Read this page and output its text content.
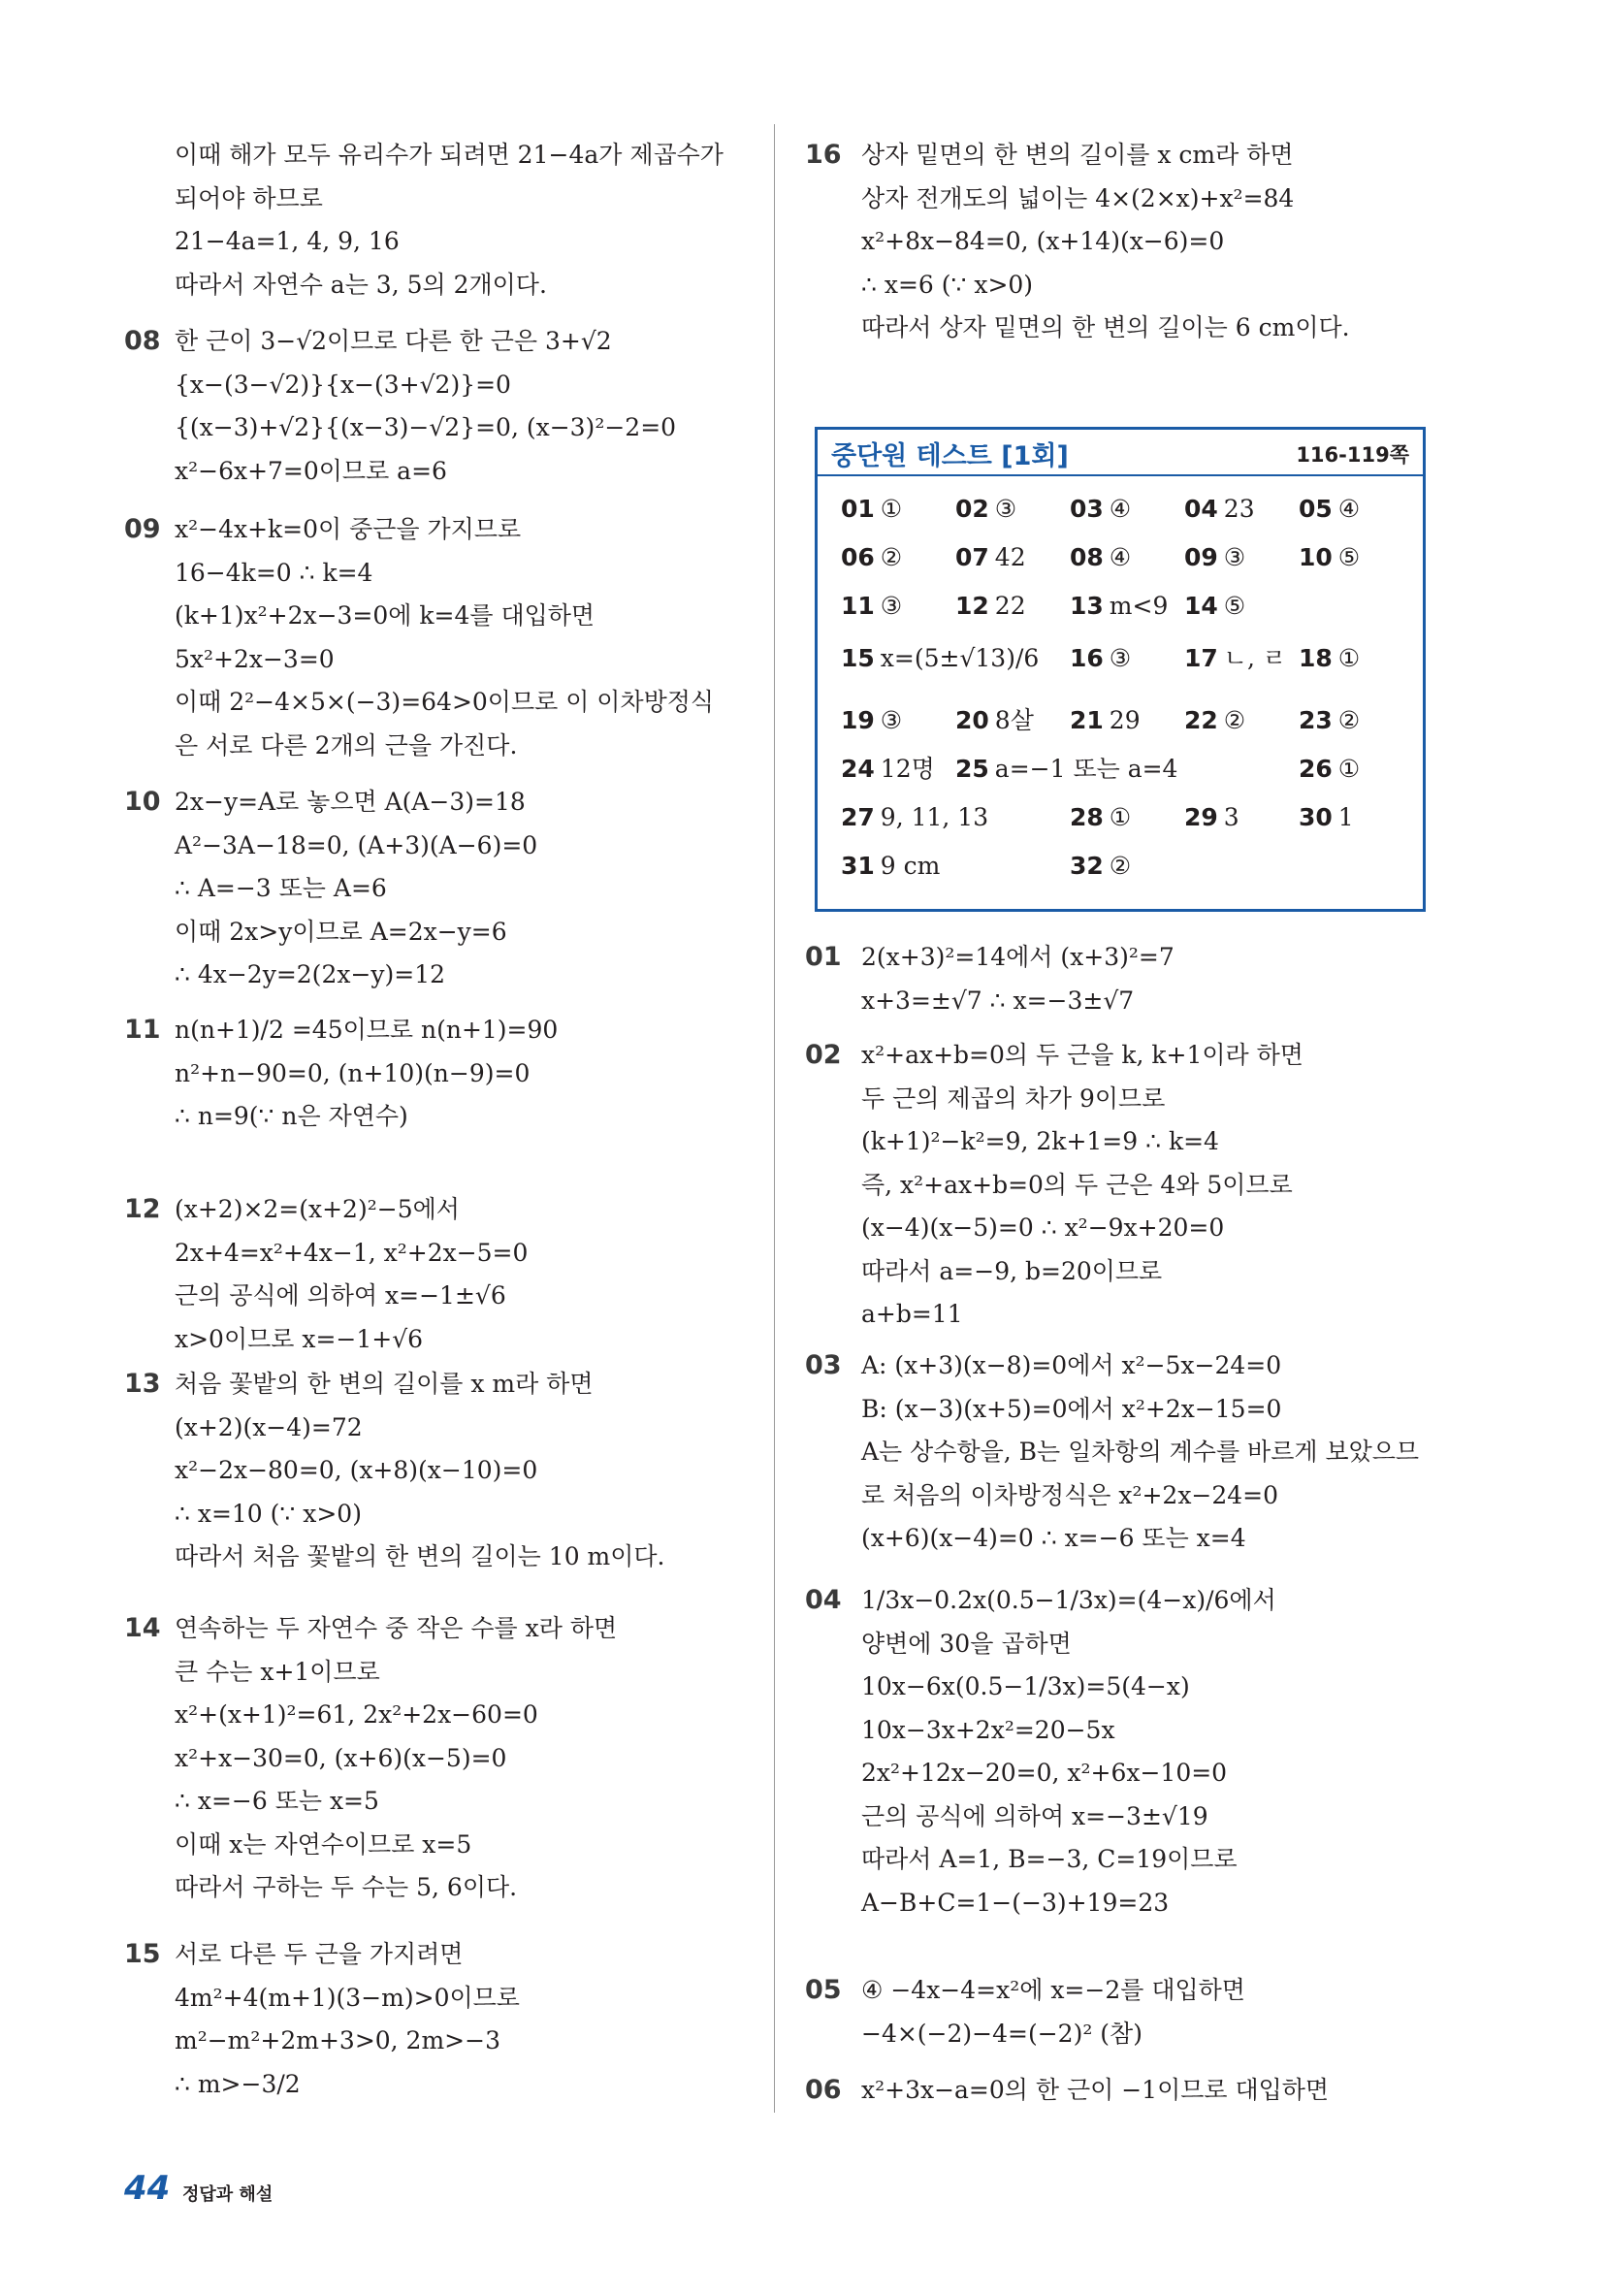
이때 해가 모두 유리수가 되려면 21−4a가 제곱수가
되어야 하므로
21−4a=1, 4, 9, 16
따라서 자연수 a는 3, 5의 2개이다.
08 한 근이 3−√2이므로 다른 한 근은 3+√2
{x−(3−√2)}{x−(3+√2)}=0
{(x−3)+√2}{(x−3)−√2}=0, (x−3)²−2=0
x²−6x+7=0이므로 a=6
09 x²−4x+k=0이 중근을 가지므로
16−4k=0 ∴ k=4
(k+1)x²+2x−3=0에 k=4를 대입하면
5x²+2x−3=0
이때 2²−4×5×(−3)=64>0이므로 이 이차방정식
은 서로 다른 2개의 근을 가진다.
10 2x−y=A로 놓으면 A(A−3)=18
A²−3A−18=0, (A+3)(A−6)=0
∴ A=−3 또는 A=6
이때 2x>y이므로 A=2x−y=6
∴ 4x−2y=2(2x−y)=12
11 n(n+1)/2 =45이므로 n(n+1)=90
n²+n−90=0, (n+10)(n−9)=0
∴ n=9(∵ n은 자연수)
12 (x+2)×2=(x+2)²−5에서
2x+4=x²+4x−1, x²+2x−5=0
근의 공식에 의하여 x=−1±√6
x>0이므로 x=−1+√6
13 처음 꽃밭의 한 변의 길이를 x m라 하면
(x+2)(x−4)=72
x²−2x−80=0, (x+8)(x−10)=0
∴ x=10 (∵ x>0)
따라서 처음 꽃밭의 한 변의 길이는 10 m이다.
14 연속하는 두 자연수 중 작은 수를 x라 하면
큰 수는 x+1이므로
x²+(x+1)²=61, 2x²+2x−60=0
x²+x−30=0, (x+6)(x−5)=0
∴ x=−6 또는 x=5
이때 x는 자연수이므로 x=5
따라서 구하는 두 수는 5, 6이다.
15 서로 다른 두 근을 가지려면
4m²+4(m+1)(3−m)>0이므로
m²−m²+2m+3>0, 2m>−3
∴ m>−3/2
16 상자 밑면의 한 변의 길이를 x cm라 하면
상자 전개도의 넓이는 4×(2×x)+x²=84
x²+8x−84=0, (x+14)(x−6)=0
∴ x=6 (∵ x>0)
따라서 상자 밑면의 한 변의 길이는 6 cm이다.
01 2(x+3)²=14에서 (x+3)²=7
x+3=±√7 ∴ x=−3±√7
02 x²+ax+b=0의 두 근을 k, k+1이라 하면
두 근의 제곱의 차가 9이므로
(k+1)²−k²=9, 2k+1=9 ∴ k=4
즉, x²+ax+b=0의 두 근은 4와 5이므로
(x−4)(x−5)=0 ∴ x²−9x+20=0
따라서 a=−9, b=20이므로
a+b=11
03 A: (x+3)(x−8)=0에서 x²−5x−24=0
B: (x−3)(x+5)=0에서 x²+2x−15=0
A는 상수항을, B는 일차항의 계수를 바르게 보았으므
로 처음의 이차방정식은 x²+2x−24=0
(x+6)(x−4)=0 ∴ x=−6 또는 x=4
04 1/3x−0.2x(0.5−1/3x)=(4−x)/6에서
양변에 30을 곱하면
10x−6x(0.5−1/3x)=5(4−x)
10x−3x+2x²=20−5x
2x²+12x−20=0, x²+6x−10=0
근의 공식에 의하여 x=−3±√19
따라서 A=1, B=−3, C=19이므로
A−B+C=1−(−3)+19=23
05 ④ −4x−4=x²에 x=−2를 대입하면
−4×(−2)−4=(−2)² (참)
06 x²+3x−a=0의 한 근이 −1이므로 대입하면
중단원 테스트 [1회]	116-119쪽
01 ① 02 ③ 03 ④ 04 23 05 ④
06 ② 07 42 08 ④ 09 ③ 10 ⑤
11 ③ 12 22 13 m<9 14 ⑤
15 x=(5±√13)/6 16 ③ 17 ㄴ, ㄹ 18 ①
19 ③ 20 8살 21 29 22 ② 23 ②
24 12명 25 a=−1 또는 a=4	26 ①
27 9, 11, 13	28 ① 29 3 30 1
31 9 cm	32 ②
44 정답과 해설
